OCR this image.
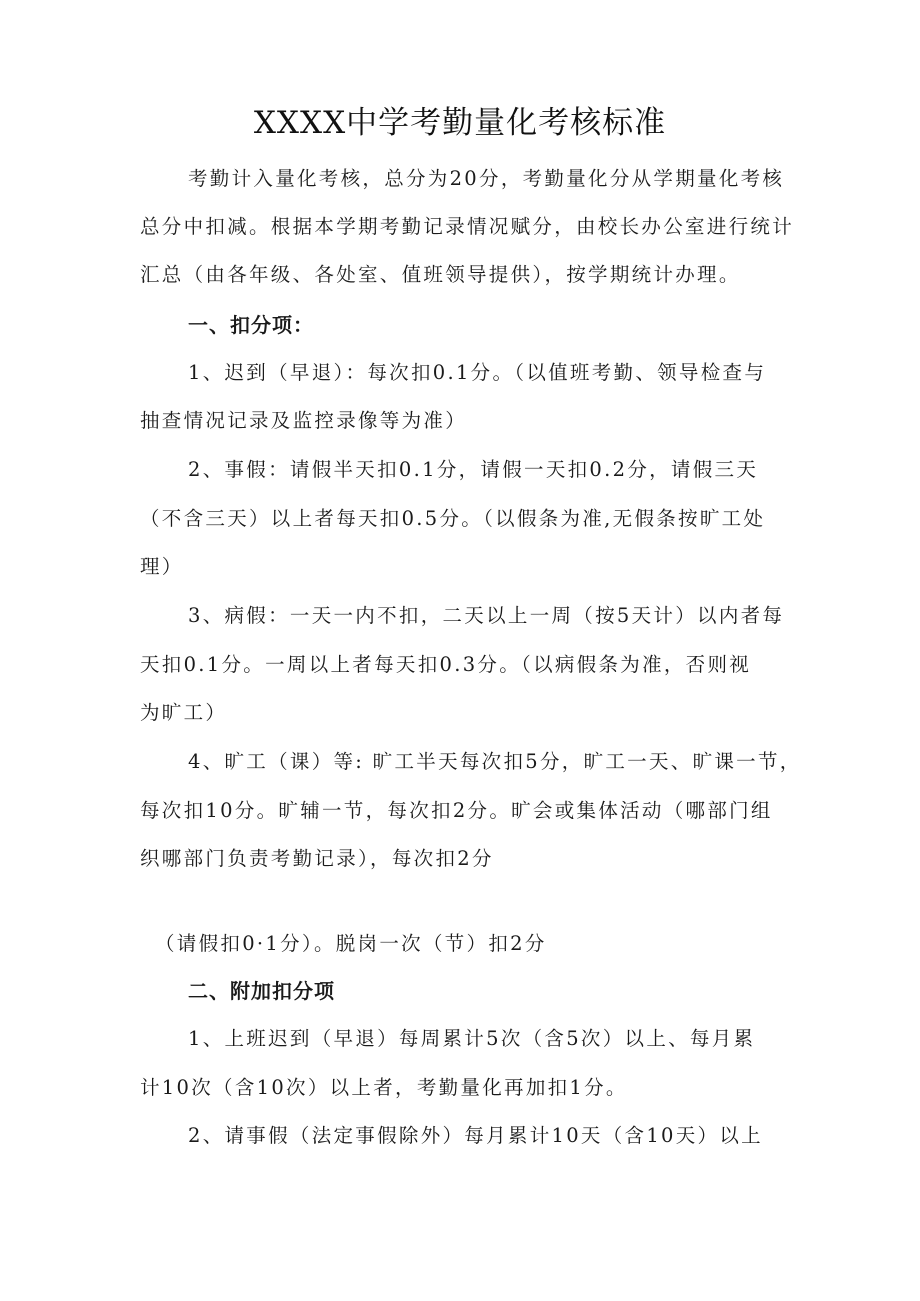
XXXX中学考勤量化考核标准
考勤计入量化考核，总分为20分，考勤量化分从学期量化考核
总分中扣减。根据本学期考勤记录情况赋分，由校长办公室进行统计
汇总（由各年级、各处室、值班领导提供），按学期统计办理。
一、扣分项：
1、迟到（早退）：每次扣0.1分。（以值班考勤、领导检查与
抽查情况记录及监控录像等为准）
2、事假：请假半天扣0.1分，请假一天扣0.2分，请假三天
（不含三天）以上者每天扣0.5分。（以假条为准,无假条按旷工处
理）
3、病假：一天一内不扣，二天以上一周（按5天计）以内者每
天扣0.1分。一周以上者每天扣0.3分。（以病假条为准，否则视
为旷工）
4、旷工（课）等: 旷工半天每次扣5分，旷工一天、旷课一节，
每次扣10分。旷辅一节，每次扣2分。旷会或集体活动（哪部门组
织哪部门负责考勤记录），每次扣2分
（请假扣0·1分）。脱岗一次（节）扣2分
二、附加扣分项
1、上班迟到（早退）每周累计5次（含5次）以上、每月累
计10次（含10次）以上者，考勤量化再加扣1分。
2、请事假（法定事假除外）每月累计10天（含10天）以上
